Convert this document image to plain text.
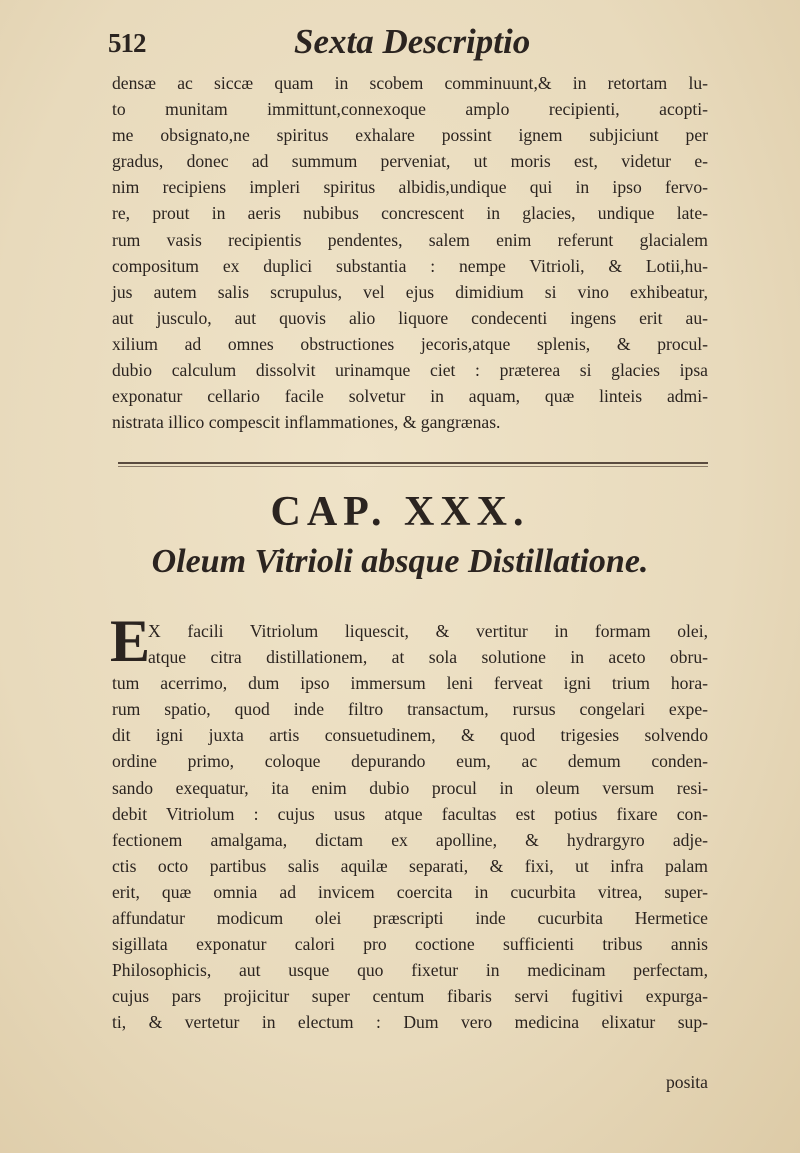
512	Sexta Descriptio
densæ ac siccæ quam in scobem comminuunt,& in retortam lu-
to munitam immittunt,connexoque amplo recipienti, acopti-
me obsignato,ne spiritus exhalare possint ignem subjiciunt per
gradus, donec ad summum perveniat, ut moris est, videtur e-
nim recipiens impleri spiritus albidis,undique qui in ipso fervo-
re, prout in aeris nubibus concrescent in glacies, undique late-
rum vasis recipientis pendentes, salem enim referunt glacialem
compositum ex duplici substantia : nempe Vitrioli, & Lotii,hu-
jus autem salis scrupulus, vel ejus dimidium si vino exhibeatur,
aut jusculo, aut quovis alio liquore condecenti ingens erit au-
xilium ad omnes obstructiones jecoris,atque splenis, & procul-
dubio calculum dissolvit urinamque ciet : præterea si glacies ipsa
exponatur cellario facile solvetur in aquam, quæ linteis admi-
nistrata illico compescit inflammationes, & gangrænas.
CAP. XXX.
Oleum Vitrioli absque Distillatione.
E
X facili Vitriolum liquescit, & vertitur in formam olei,
atque citra distillationem, at sola solutione in aceto obru-
tum acerrimo, dum ipso immersum leni ferveat igni trium hora-
rum spatio, quod inde filtro transactum, rursus congelari expe-
dit igni juxta artis consuetudinem, & quod trigesies solvendo
ordine primo, coloque depurando eum, ac demum conden-
sando exequatur, ita enim dubio procul in oleum versum resi-
debit Vitriolum : cujus usus atque facultas est potius fixare con-
fectionem amalgama, dictam ex apolline, & hydrargyro adje-
ctis octo partibus salis aquilæ separati, & fixi, ut infra palam
erit, quæ omnia ad invicem coercita in cucurbita vitrea, super-
affundatur modicum olei præscripti inde cucurbita Hermetice
sigillata exponatur calori pro coctione sufficienti tribus annis
Philosophicis, aut usque quo fixetur in medicinam perfectam,
cujus pars projicitur super centum fibaris servi fugitivi expurga-
ti, & vertetur in electum : Dum vero medicina elixatur sup-
posita
